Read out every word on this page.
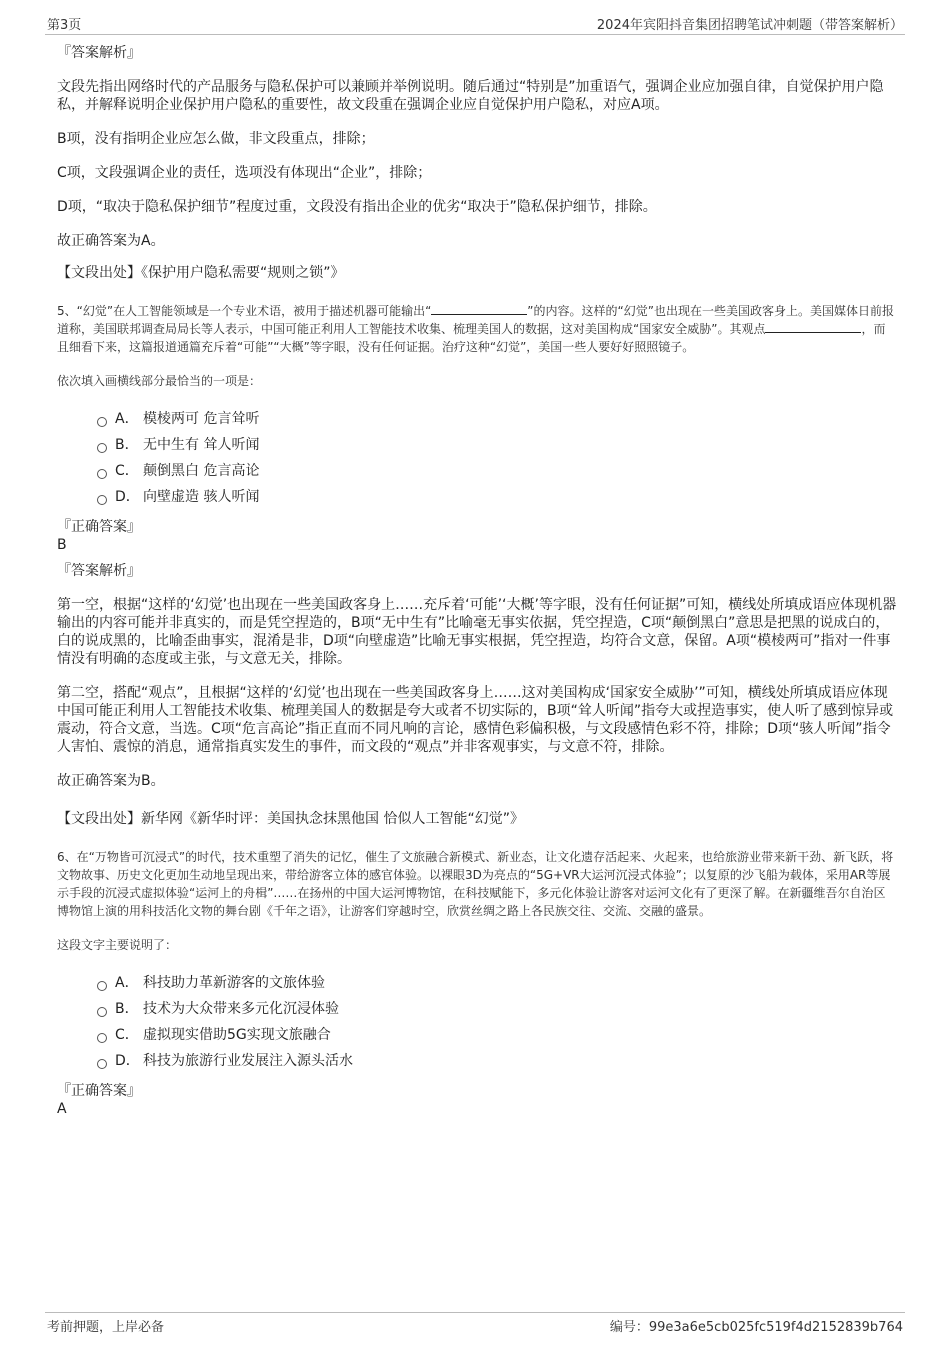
第3页	2024年宾阳抖音集团招聘笔试冲刺题（带答案解析）

『答案解析』

文段先指出网络时代的产品服务与隐私保护可以兼顾并举例说明。随后通过“特别是”加重语气，强调企业应加强自律，自觉保护用户隐私，并解释说明企业保护用户隐私的重要性，故文段重在强调企业应自觉保护用户隐私，对应A项。

B项，没有指明企业应怎么做，非文段重点，排除；

C项，文段强调企业的责任，选项没有体现出“企业”，排除；

D项，“取决于隐私保护细节”程度过重，文段没有指出企业的优劣“取决于”隐私保护细节，排除。

故正确答案为A。

【文段出处】《保护用户隐私需要“规则之锁”》

5、“幻觉”在人工智能领域是一个专业术语，被用于描述机器可能输出“	”的内容。这样的“幻觉”也出现在一些美国政客身上。美国媒体日前报道称，美国联邦调查局局长等人表示，中国可能正利用人工智能技术收集、梳理美国人的数据，这对美国构成“国家安全威胁”。其观点	，而且细看下来，这篇报道通篇充斥着“可能”“大概”等字眼，没有任何证据。治疗这种“幻觉”，美国一些人要好好照照镜子。

依次填入画横线部分最恰当的一项是：

A． 模棱两可 危言耸听
B． 无中生有 耸人听闻
C． 颠倒黑白 危言高论
D． 向壁虚造 骇人听闻

『正确答案』

B

『答案解析』

第一空，根据“这样的‘幻觉’也出现在一些美国政客身上……充斥着‘可能’‘大概’等字眼，没有任何证据”可知，横线处所填成语应体现机器输出的内容可能并非真实的，而是凭空捏造的，B项“无中生有”比喻毫无事实依据，凭空捏造，C项“颠倒黑白”意思是把黑的说成白的，白的说成黑的，比喻歪曲事实，混淆是非，D项“向壁虚造”比喻无事实根据，凭空捏造，均符合文意，保留。A项“模棱两可”指对一件事情没有明确的态度或主张，与文意无关，排除。

第二空，搭配“观点”，且根据“这样的‘幻觉’也出现在一些美国政客身上……这对美国构成‘国家安全威胁’”可知，横线处所填成语应体现中国可能正利用人工智能技术收集、梳理美国人的数据是夸大或者不切实际的，B项“耸人听闻”指夸大或捏造事实，使人听了感到惊异或震动，符合文意，当选。C项“危言高论”指正直而不同凡响的言论，感情色彩偏积极，与文段感情色彩不符，排除；D项“骇人听闻”指令人害怕、震惊的消息，通常指真实发生的事件，而文段的“观点”并非客观事实，与文意不符，排除。

故正确答案为B。

【文段出处】新华网《新华时评：美国执念抹黑他国 恰似人工智能“幻觉”》

6、在“万物皆可沉浸式”的时代，技术重塑了消失的记忆，催生了文旅融合新模式、新业态，让文化遗存活起来、火起来，也给旅游业带来新干劲、新飞跃，将文物故事、历史文化更加生动地呈现出来，带给游客立体的感官体验。以裸眼3D为亮点的“5G+VR大运河沉浸式体验”；以复原的沙飞船为载体，采用AR等展示手段的沉浸式虚拟体验“运河上的舟楫”……在扬州的中国大运河博物馆，在科技赋能下，多元化体验让游客对运河文化有了更深了解。在新疆维吾尔自治区博物馆上演的用科技活化文物的舞台剧《千年之语》，让游客们穿越时空，欣赏丝绸之路上各民族交往、交流、交融的盛景。

这段文字主要说明了：

A． 科技助力革新游客的文旅体验
B． 技术为大众带来多元化沉浸体验
C． 虚拟现实借助5G实现文旅融合
D． 科技为旅游行业发展注入源头活水

『正确答案』

A

考前押题，上岸必备	编号：99e3a6e5cb025fc519f4d2152839b764
